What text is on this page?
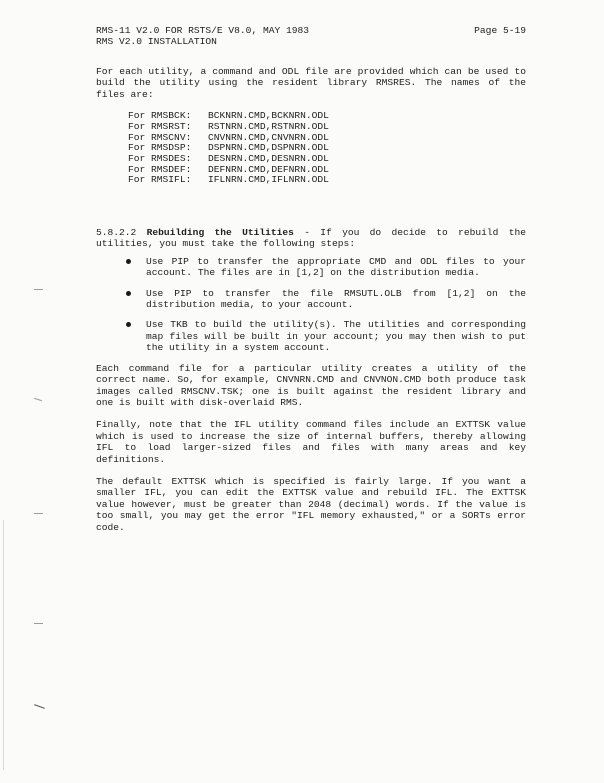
RMS-11 V2.0 FOR RSTS/E V8.0, MAY 1983
RMS V2.0 INSTALLATION
Page 5-19

For each utility, a command and ODL file are provided which can be used to build the utility using the resident library RMSRES. The names of the files are:

For RMSBCK: BCKNRN.CMD,BCKNRN.ODL
For RMSRST: RSTNRN.CMD,RSTNRN.ODL
For RMSCNV: CNVNRN.CMD,CNVNRN.ODL
For RMSDSP: DSPNRN.CMD,DSPNRN.ODL
For RMSDES: DESNRN.CMD,DESNRN.ODL
For RMSDEF: DEFNRN.CMD,DEFNRN.ODL
For RMSIFL: IFLNRN.CMD,IFLNRN.ODL

5.8.2.2 Rebuilding the Utilities - If you do decide to rebuild the utilities, you must take the following steps:

Use PIP to transfer the appropriate CMD and ODL files to your account. The files are in [1,2] on the distribution media.
Use PIP to transfer the file RMSUTL.OLB from [1,2] on the distribution media, to your account.
Use TKB to build the utility(s). The utilities and corresponding map files will be built in your account; you may then wish to put the utility in a system account.

Each command file for a particular utility creates a utility of the correct name. So, for example, CNVNRN.CMD and CNVNON.CMD both produce task images called RMSCNV.TSK; one is built against the resident library and one is built with disk-overlaid RMS.

Finally, note that the IFL utility command files include an EXTTSK value which is used to increase the size of internal buffers, thereby allowing IFL to load larger-sized files and files with many areas and key definitions.

The default EXTTSK which is specified is fairly large. If you want a smaller IFL, you can edit the EXTTSK value and rebuild IFL. The EXTTSK value however, must be greater than 2048 (decimal) words. If the value is too small, you may get the error "IFL memory exhausted," or a SORTs error code.
